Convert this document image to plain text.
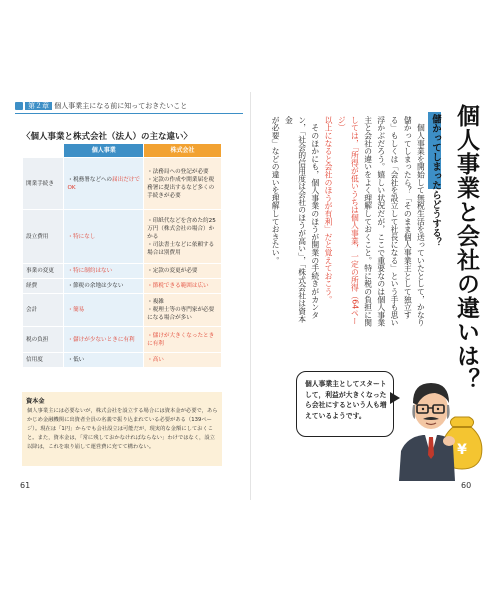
第２章 個人事業主になる前に知っておきたいこと
〈個人事業と株式会社（法人）の主な違い〉
	個人事業	株式会社
開業手続き	・税務署などへの届出だけでOK	・法務局への登記が必要
・定款の作成や開業届を税務署に提出するなど多くの手続きが必要

設立費用	・特になし	・印紙代などを含めた約25万円（株式会社の場合）かかる
・司法書士などに依頼する場合は別費用

事業の変更	・特に制約はない	・定款の変更が必要
経費	・節税の余地は少ない	・節税できる範囲は広い
会計	・簡易	・複雑
・税理士等の専門家が必要になる場合が多い

税の負担	・儲けが少ないときに有利	・儲けが大きくなったときに有利
信用度	・低い	・高い
資本金
個人事業主には必要ないが，株式会社を設立する場合には資本金が必要で，あらかじめ金融機関に出資者全員の名義で振り込まれている必要がある（139ページ）。現在は「1円」からでも会社設立は可能だが，現実的な金額にしておくこと。また，資本金は，「常に残しておかなければならない」わけではなく，設立以降は，これを取り崩して運営費に充てて構わない。
61
個人事業と会社の違いは？
儲かってしまったらどうする？
　個人事業を開始して無税生活を送っていたとして，かなり
儲かってしまったら？「そのまま個人事業主として独立す
る」もしくは「会社を設立して社長になる」という手も思い
浮かぶだろう。嬉しい状況だが，ここで重要なのは個人事業
主と会社の違いをよく理解しておくこと。特に税の負担に関
しては，「所得が低いうちは個人事業，一定の所得（64ページ）
以上になると会社のほうが有利」だと覚えておこう。
　そのほかにも，個人事業のほうが開業の手続きがカンタ
ン，「社会的信用度は会社のほうが高い」，「株式会社は資本金
が必要」などの違いを理解しておきたい。
個人事業主としてスタートして，利益が大きくなったら会社にするという人も増えているようです。
¥
60
